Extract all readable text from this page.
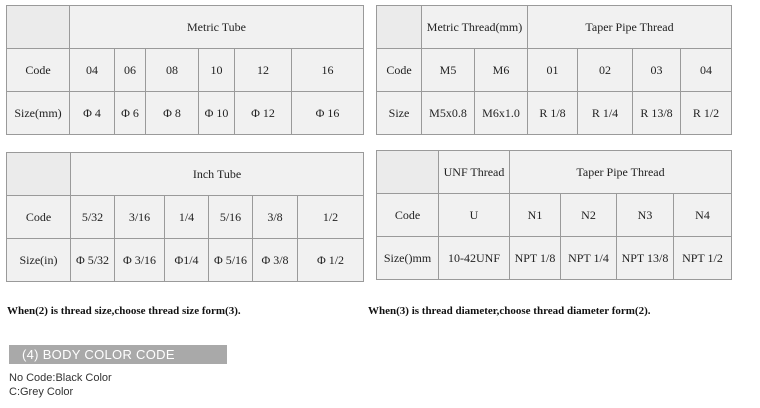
	Metric Tube					
Code	04	06	08	10	12	16
Size(mm)	Φ 4	Φ 6	Φ 8	Φ 10	Φ 12	Φ 16
	Metric Thread(mm)		Taper Pipe Thread			
Code	M5	M6	01	02	03	04
Size	M5x0.8	M6x1.0	R 1/8	R 1/4	R 13/8	R 1/2
	Inch Tube					
Code	5/32	3/16	1/4	5/16	3/8	1/2
Size(in)	Φ 5/32	Φ 3/16	Φ1/4	Φ 5/16	Φ 3/8	Φ 1/2
	UNF Thread	Taper Pipe Thread			
Code	U	N1	N2	N3	N4
Size()mm	10-42UNF	NPT 1/8	NPT 1/4	NPT 13/8	NPT 1/2
When(2) is thread size,choose thread size form(3).	When(3) is thread diameter,choose thread diameter form(2).
(4) BODY COLOR CODE
No Code:Black Color
C:Grey Color
